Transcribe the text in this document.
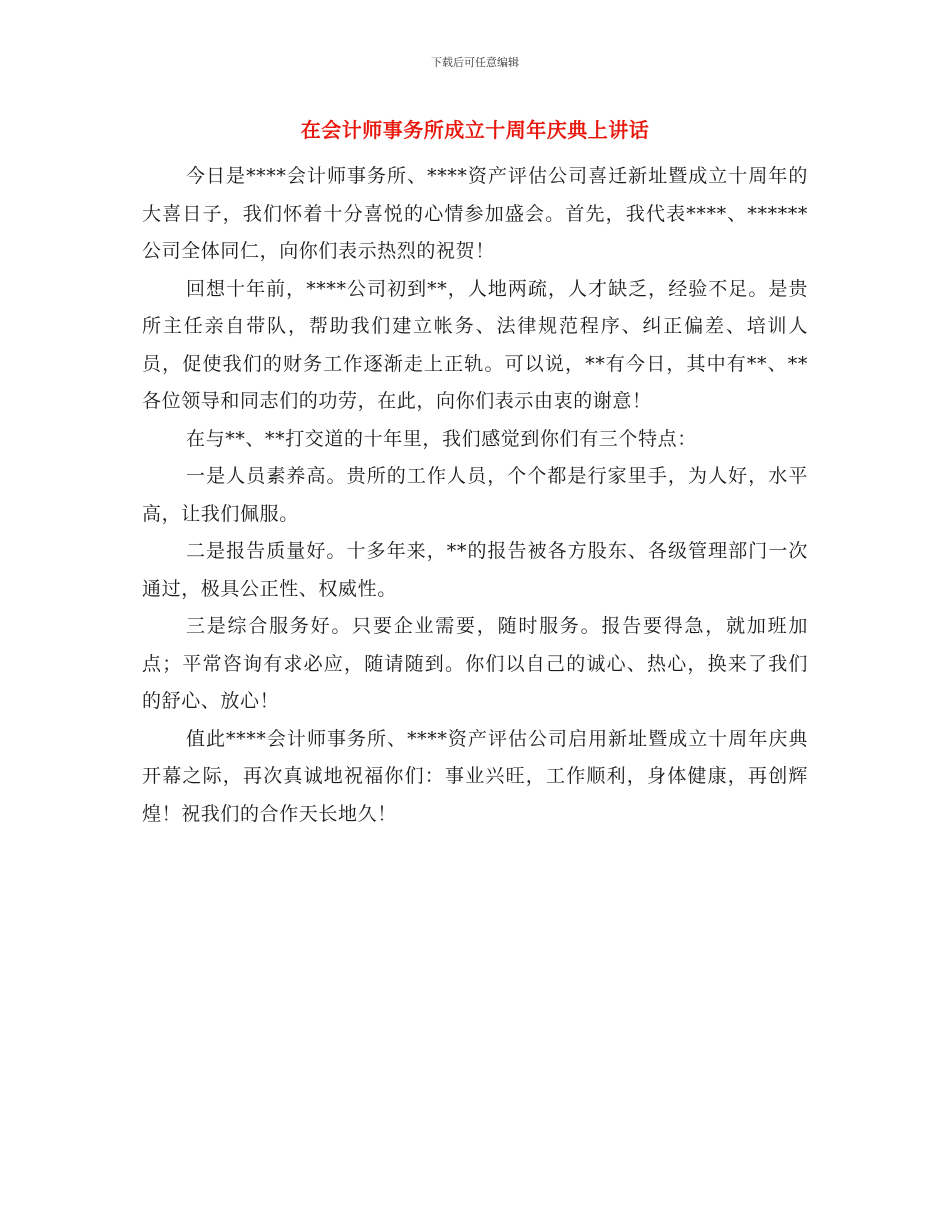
下载后可任意编辑
在会计师事务所成立十周年庆典上讲话

今日是****会计师事务所、****资产评估公司喜迁新址暨成立十周年的大喜日子，我们怀着十分喜悦的心情参加盛会。首先，我代表****、******公司全体同仁，向你们表示热烈的祝贺！

回想十年前，****公司初到**，人地两疏，人才缺乏，经验不足。是贵所主任亲自带队，帮助我们建立帐务、法律规范程序、纠正偏差、培训人员，促使我们的财务工作逐渐走上正轨。可以说，**有今日，其中有**、**各位领导和同志们的功劳，在此，向你们表示由衷的谢意！

在与**、**打交道的十年里，我们感觉到你们有三个特点：

一是人员素养高。贵所的工作人员，个个都是行家里手，为人好，水平高，让我们佩服。

二是报告质量好。十多年来，**的报告被各方股东、各级管理部门一次通过，极具公正性、权威性。

三是综合服务好。只要企业需要，随时服务。报告要得急，就加班加点；平常咨询有求必应，随请随到。你们以自己的诚心、热心，换来了我们的舒心、放心！

值此****会计师事务所、****资产评估公司启用新址暨成立十周年庆典开幕之际，再次真诚地祝福你们：事业兴旺，工作顺利，身体健康，再创辉煌！祝我们的合作天长地久！
